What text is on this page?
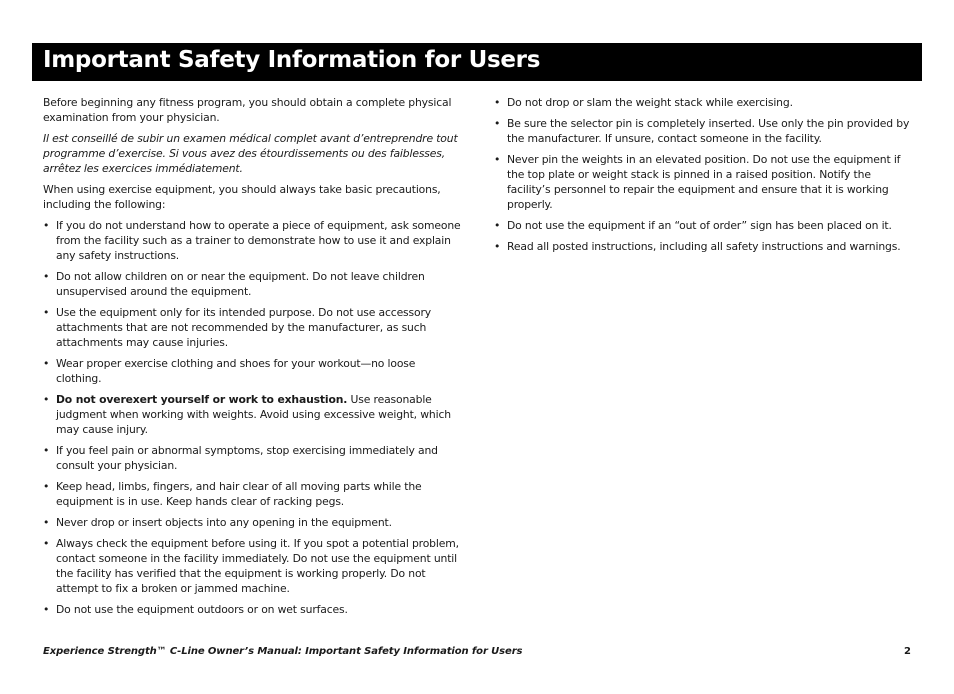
Important Safety Information for Users

Before beginning any fitness program, you should obtain a complete physical examination from your physician.

Il est conseillé de subir un examen médical complet avant d’entreprendre tout programme d’exercise. Si vous avez des étourdissements ou des faiblesses, arrêtez les exercices immédiatement.

When using exercise equipment, you should always take basic precautions, including the following:

• If you do not understand how to operate a piece of equipment, ask someone from the facility such as a trainer to demonstrate how to use it and explain any safety instructions.
• Do not allow children on or near the equipment. Do not leave children unsupervised around the equipment.
• Use the equipment only for its intended purpose. Do not use accessory attachments that are not recommended by the manufacturer, as such attachments may cause injuries.
• Wear proper exercise clothing and shoes for your workout—no loose clothing.
• Do not overexert yourself or work to exhaustion. Use reasonable judgment when working with weights. Avoid using excessive weight, which may cause injury.
• If you feel pain or abnormal symptoms, stop exercising immediately and consult your physician.
• Keep head, limbs, fingers, and hair clear of all moving parts while the equipment is in use. Keep hands clear of racking pegs.
• Never drop or insert objects into any opening in the equipment.
• Always check the equipment before using it. If you spot a potential problem, contact someone in the facility immediately. Do not use the equipment until the facility has verified that the equipment is working properly. Do not attempt to fix a broken or jammed machine.
• Do not use the equipment outdoors or on wet surfaces.
• Do not drop or slam the weight stack while exercising.
• Be sure the selector pin is completely inserted. Use only the pin provided by the manufacturer. If unsure, contact someone in the facility.
• Never pin the weights in an elevated position. Do not use the equipment if the top plate or weight stack is pinned in a raised position. Notify the facility’s personnel to repair the equipment and ensure that it is working properly.
• Do not use the equipment if an “out of order” sign has been placed on it.
• Read all posted instructions, including all safety instructions and warnings.
Experience Strength™ C-Line Owner’s Manual: Important Safety Information for Users	2
